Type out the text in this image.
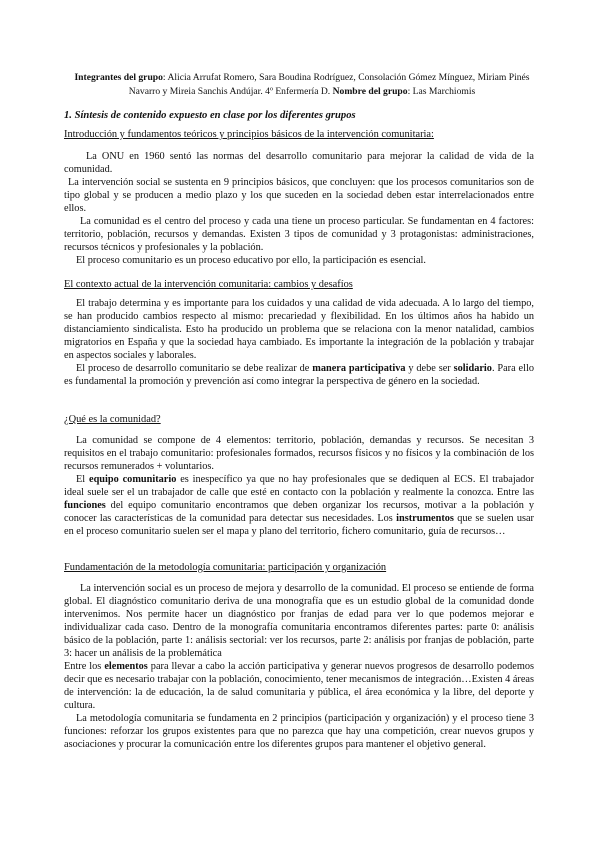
Integrantes del grupo: Alicia Arrufat Romero, Sara Boudina Rodríguez, Consolación Gómez Mínguez, Miriam Pinés Navarro y Mireia Sanchis Andújar. 4º Enfermería D. Nombre del grupo: Las Marchiomis
1. Síntesis de contenido expuesto en clase por los diferentes grupos
Introducción y fundamentos teóricos y principios básicos de la intervención comunitaria:

La ONU en 1960 sentó las normas del desarrollo comunitario para mejorar la calidad de vida de la comunidad.

La intervención social se sustenta en 9 principios básicos, que concluyen: que los procesos comunitarios son de tipo global y se producen a medio plazo y los que suceden en la sociedad deben estar interrelacionados entre ellos.

La comunidad es el centro del proceso y cada una tiene un proceso particular. Se fundamentan en 4 factores: territorio, población, recursos y demandas. Existen 3 tipos de comunidad y 3 protagonistas: administraciones, recursos técnicos y profesionales y la población.

El proceso comunitario es un proceso educativo por ello, la participación es esencial.

El contexto actual de la intervención comunitaria: cambios y desafíos

El trabajo determina y es importante para los cuidados y una calidad de vida adecuada. A lo largo del tiempo, se han producido cambios respecto al mismo: precariedad y flexibilidad. En los últimos años ha habido un distanciamiento sindicalista. Esto ha producido un problema que se relaciona con la menor natalidad, cambios migratorios en España y que la sociedad haya cambiado. Es importante la integración de la población y trabajar en aspectos sociales y laborales.

El proceso de desarrollo comunitario se debe realizar de manera participativa y debe ser solidario. Para ello es fundamental la promoción y prevención así como integrar la perspectiva de género en la sociedad.

¿Qué es la comunidad?

La comunidad se compone de 4 elementos: territorio, población, demandas y recursos. Se necesitan 3 requisitos en el trabajo comunitario: profesionales formados, recursos físicos y no físicos y la combinación de los recursos remunerados + voluntarios.

El equipo comunitario es inespecífico ya que no hay profesionales que se dediquen al ECS. El trabajador ideal suele ser el un trabajador de calle que esté en contacto con la población y realmente la conozca. Entre las funciones del equipo comunitario encontramos que deben organizar los recursos, motivar a la población y conocer las características de la comunidad para detectar sus necesidades. Los instrumentos que se suelen usar en el proceso comunitario suelen ser el mapa y plano del territorio, fichero comunitario, guía de recursos…

Fundamentación de la metodología comunitaria: participación y organización

La intervención social es un proceso de mejora y desarrollo de la comunidad. El proceso se entiende de forma global. El diagnóstico comunitario deriva de una monografía que es un estudio global de la comunidad donde intervenimos. Nos permite hacer un diagnóstico por franjas de edad para ver lo que podemos mejorar e individualizar cada caso. Dentro de la monografía comunitaria encontramos diferentes partes: parte 0: análisis básico de la población, parte 1: análisis sectorial: ver los recursos, parte 2: análisis por franjas de población, parte 3: hacer un análisis de la problemática

Entre los elementos para llevar a cabo la acción participativa y generar nuevos progresos de desarrollo podemos decir que es necesario trabajar con la población, conocimiento, tener mecanismos de integración…Existen 4 áreas de intervención: la de educación, la de salud comunitaria y pública, el área económica y la libre, del deporte y cultura.

La metodología comunitaria se fundamenta en 2 principios (participación y organización) y el proceso tiene 3 funciones: reforzar los grupos existentes para que no parezca que hay una competición, crear nuevos grupos y asociaciones y procurar la comunicación entre los diferentes grupos para mantener el objetivo general.
